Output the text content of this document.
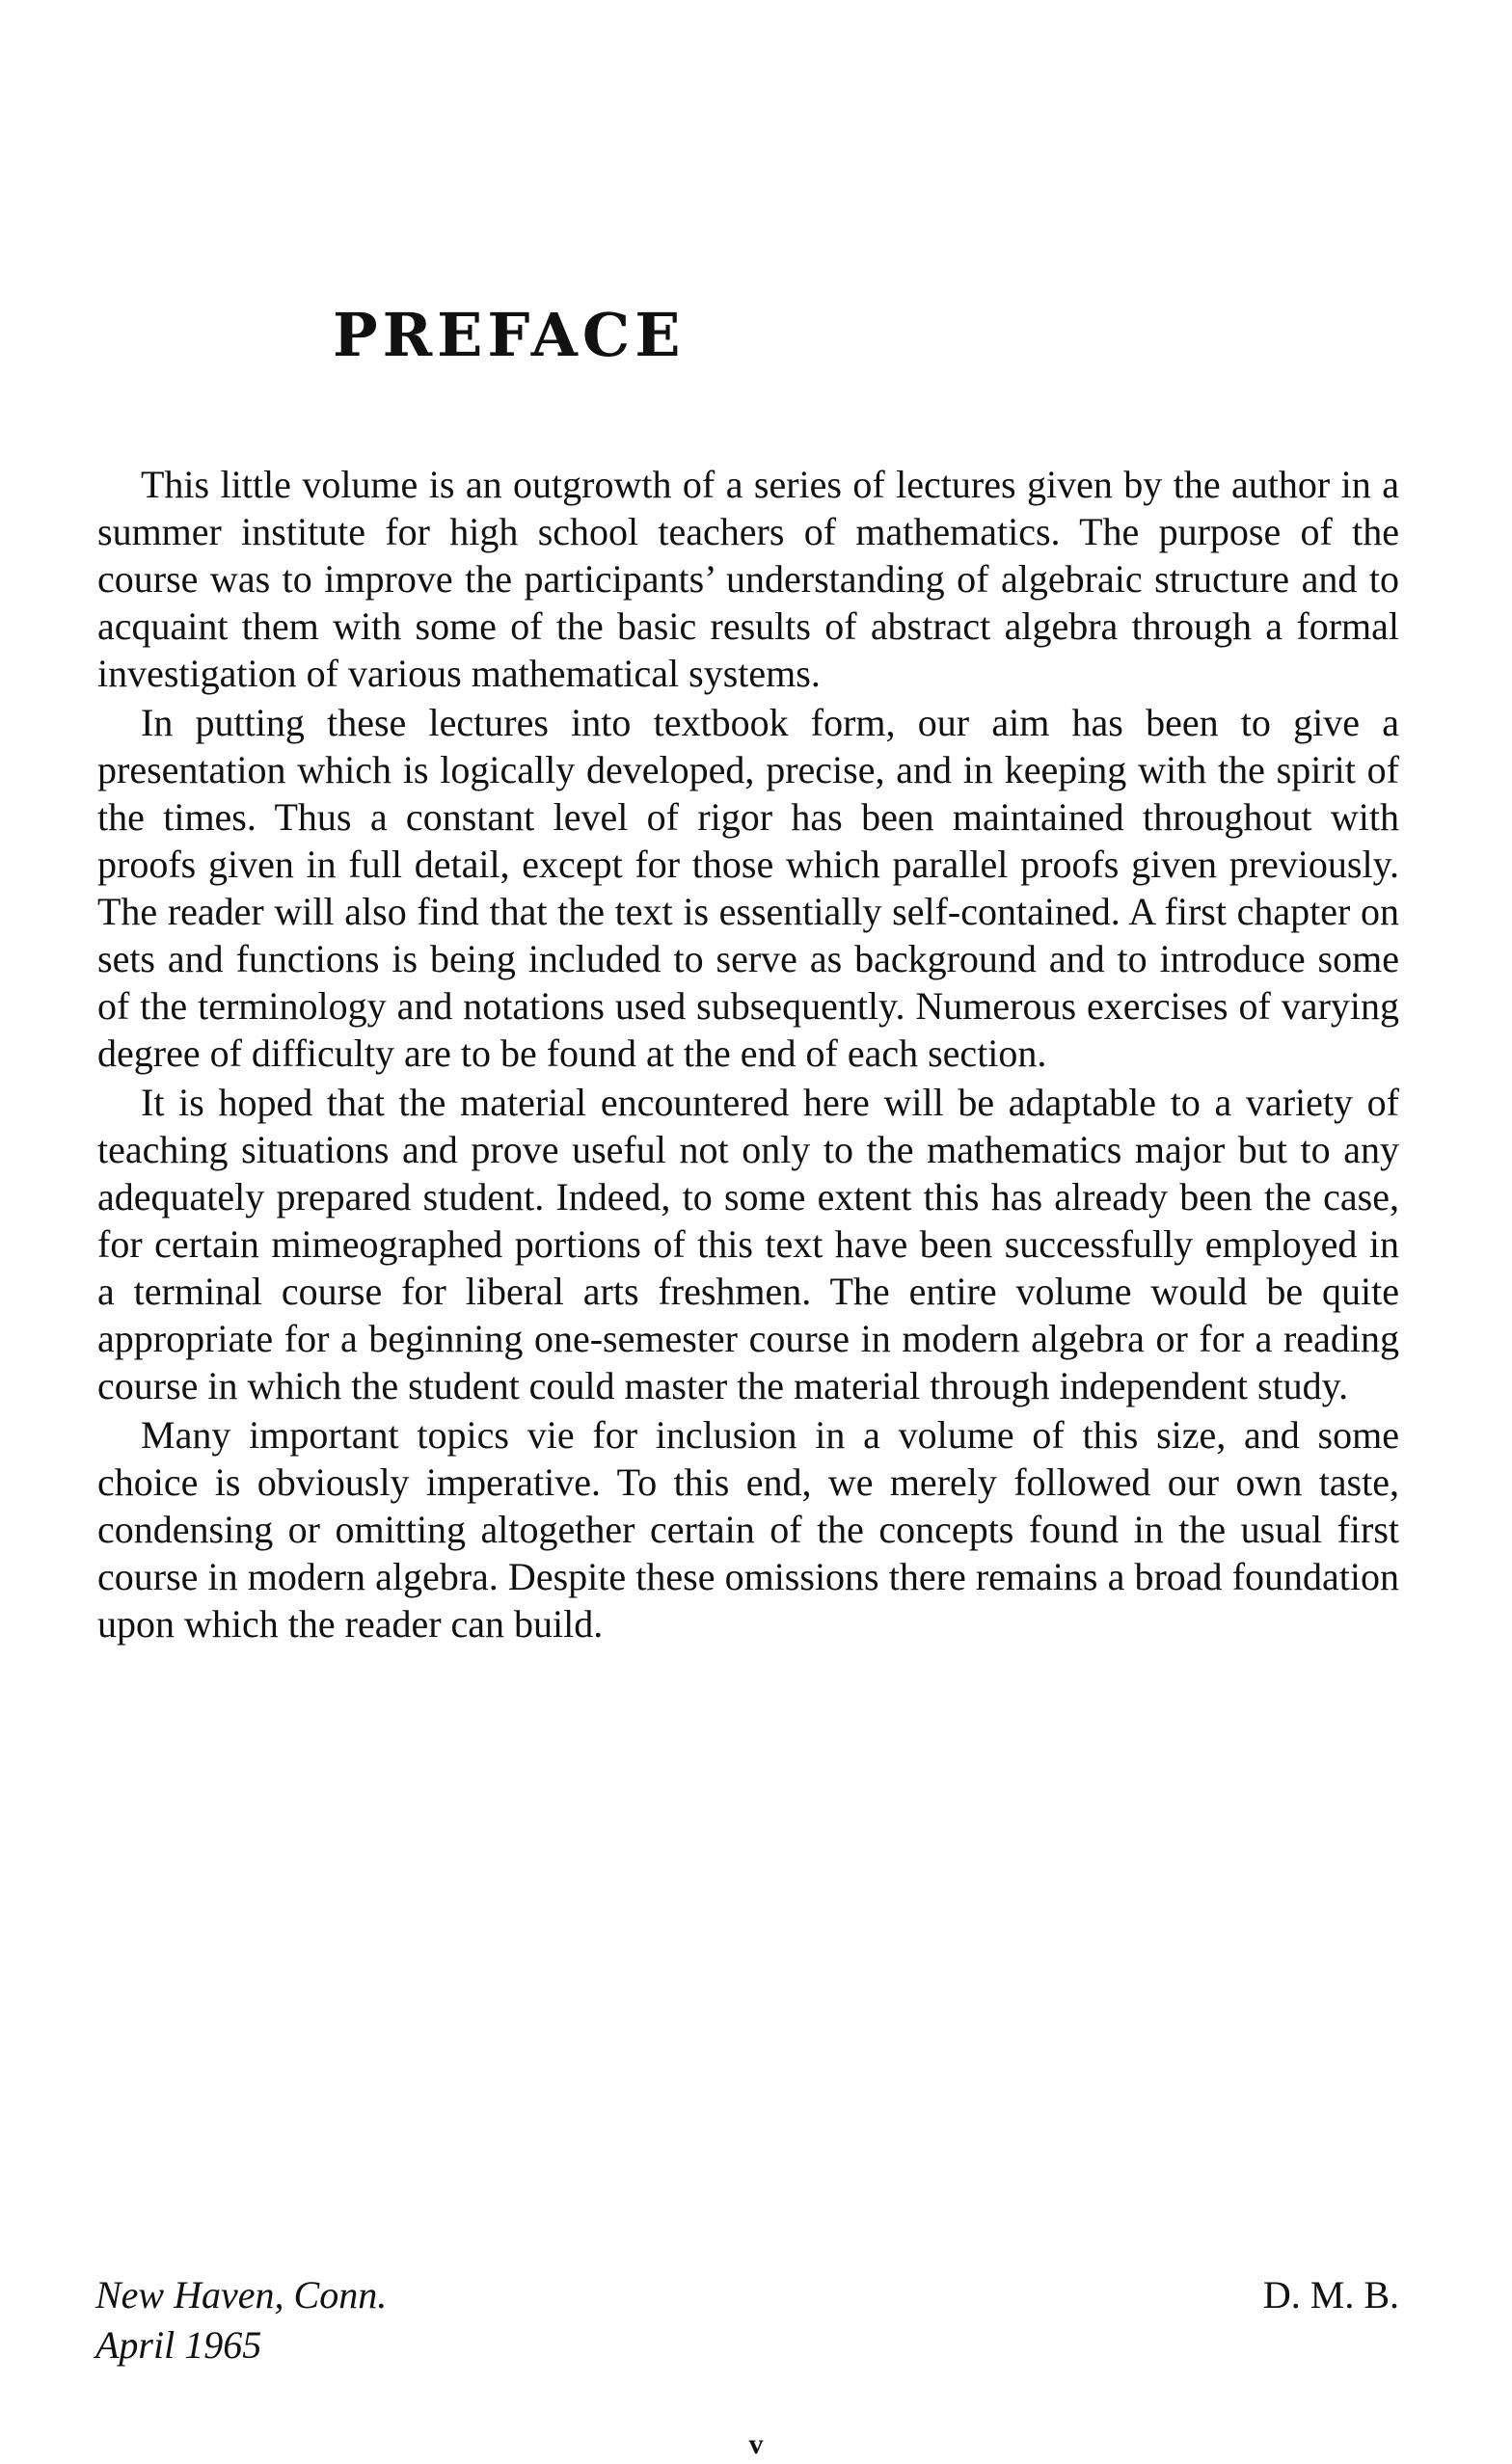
PREFACE

This little volume is an outgrowth of a series of lectures given by the author in a summer institute for high school teachers of mathematics. The purpose of the course was to improve the participants’ understanding of algebraic structure and to acquaint them with some of the basic results of abstract algebra through a formal investigation of various mathematical systems.

In putting these lectures into textbook form, our aim has been to give a presentation which is logically developed, precise, and in keeping with the spirit of the times. Thus a constant level of rigor has been maintained throughout with proofs given in full detail, except for those which parallel proofs given previously. The reader will also find that the text is essentially self-contained. A first chapter on sets and functions is being included to serve as background and to introduce some of the terminology and notations used subsequently. Numerous exercises of varying degree of difficulty are to be found at the end of each section.

It is hoped that the material encountered here will be adaptable to a variety of teaching situations and prove useful not only to the mathematics major but to any adequately prepared student. Indeed, to some extent this has already been the case, for certain mimeographed portions of this text have been successfully employed in a terminal course for liberal arts freshmen. The entire volume would be quite appropriate for a beginning one-semester course in modern algebra or for a reading course in which the student could master the material through independent study.

Many important topics vie for inclusion in a volume of this size, and some choice is obviously imperative. To this end, we merely followed our own taste, condensing or omitting altogether certain of the concepts found in the usual first course in modern algebra. Despite these omissions there remains a broad foundation upon which the reader can build.

New Haven, Conn.
April 1965
D. M. B.
v
